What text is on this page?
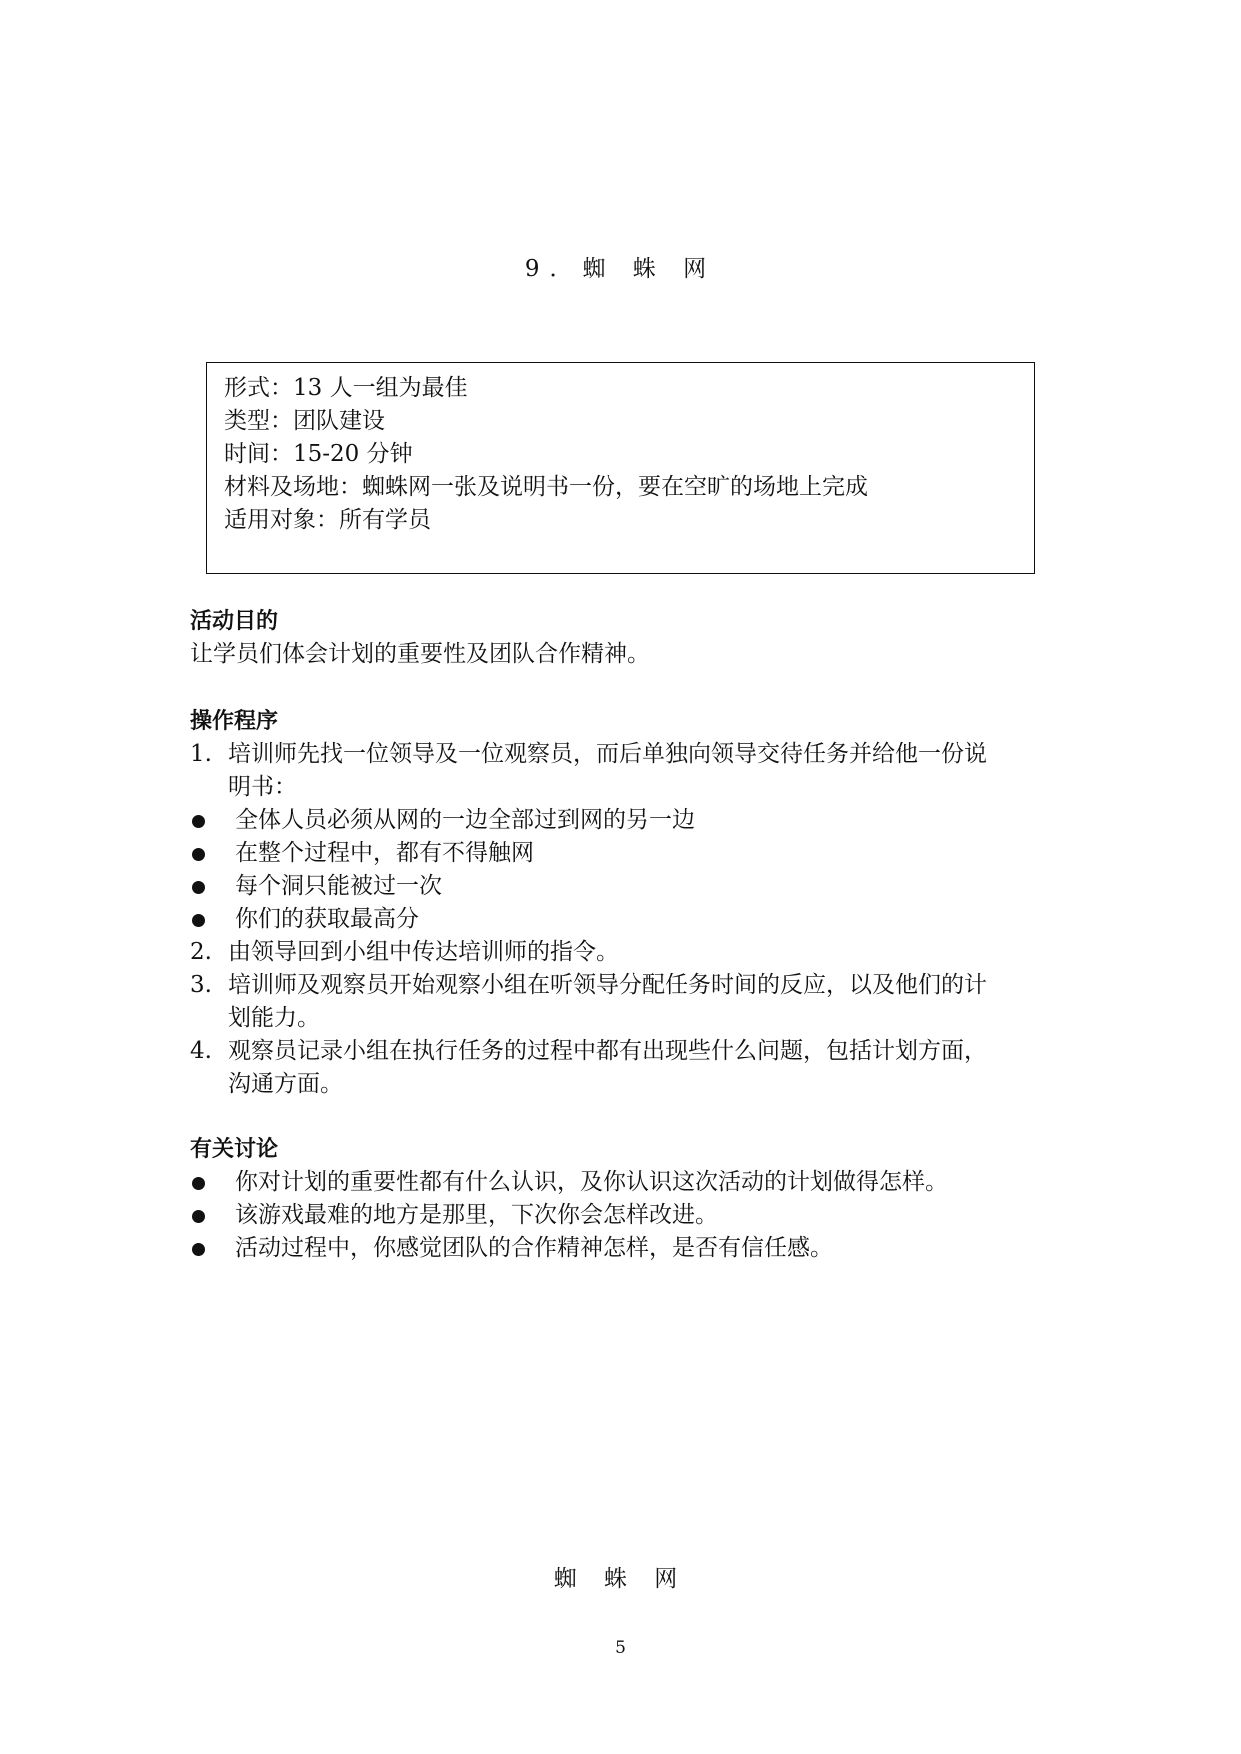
9．蜘 蛛 网
形式：13 人一组为最佳
类型：团队建设
时间：15-20 分钟
材料及场地：蜘蛛网一张及说明书一份，要在空旷的场地上完成
适用对象：所有学员
活动目的
让学员们体会计划的重要性及团队合作精神。
操作程序
1. 培训师先找一位领导及一位观察员，而后单独向领导交待任务并给他一份说
明书：
全体人员必须从网的一边全部过到网的另一边
在整个过程中，都有不得触网
每个洞只能被过一次
你们的获取最高分
2. 由领导回到小组中传达培训师的指令。
3. 培训师及观察员开始观察小组在听领导分配任务时间的反应，以及他们的计
划能力。
4. 观察员记录小组在执行任务的过程中都有出现些什么问题，包括计划方面，
沟通方面。
有关讨论
你对计划的重要性都有什么认识，及你认识这次活动的计划做得怎样。
该游戏最难的地方是那里，下次你会怎样改进。
活动过程中，你感觉团队的合作精神怎样，是否有信任感。
蜘 蛛 网
5
